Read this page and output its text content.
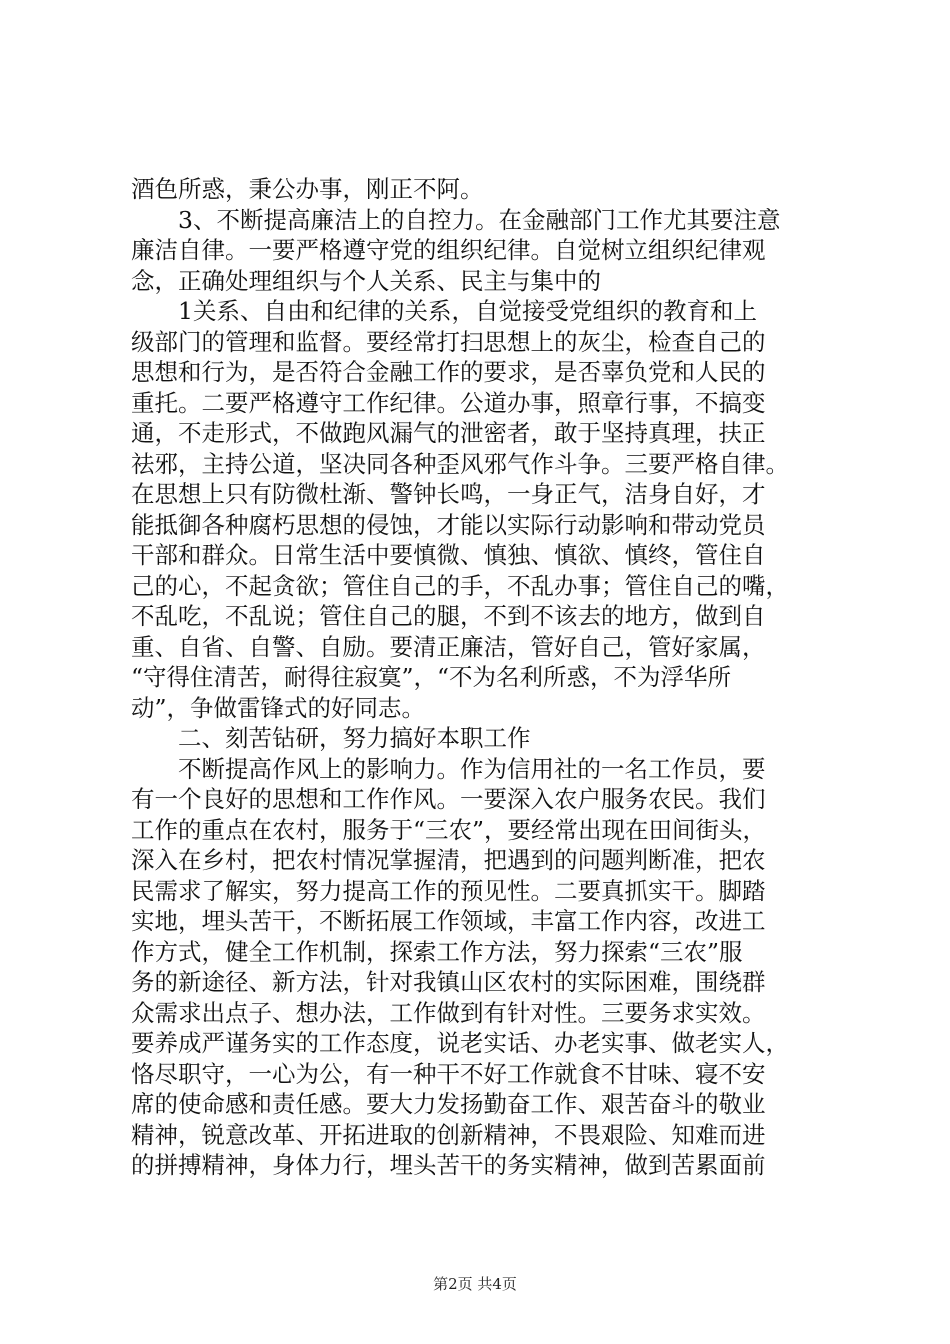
酒色所惑，秉公办事，刚正不阿。
3、不断提高廉洁上的自控力。在金融部门工作尤其要注意
廉洁自律。一要严格遵守党的组织纪律。自觉树立组织纪律观
念，正确处理组织与个人关系、民主与集中的
1关系、自由和纪律的关系，自觉接受党组织的教育和上
级部门的管理和监督。要经常打扫思想上的灰尘，检查自己的
思想和行为，是否符合金融工作的要求，是否辜负党和人民的
重托。二要严格遵守工作纪律。公道办事，照章行事，不搞变
通，不走形式，不做跑风漏气的泄密者，敢于坚持真理，扶正
祛邪，主持公道，坚决同各种歪风邪气作斗争。三要严格自律。
在思想上只有防微杜渐、警钟长鸣，一身正气，洁身自好，才
能抵御各种腐朽思想的侵蚀，才能以实际行动影响和带动党员
干部和群众。日常生活中要慎微、慎独、慎欲、慎终，管住自
己的心，不起贪欲；管住自己的手，不乱办事；管住自己的嘴，
不乱吃，不乱说；管住自己的腿，不到不该去的地方，做到自
重、自省、自警、自励。要清正廉洁，管好自己，管好家属，
“守得住清苦，耐得往寂寞”，“不为名利所惑，不为浮华所
动”，争做雷锋式的好同志。
二、刻苦钻研，努力搞好本职工作
不断提高作风上的影响力。作为信用社的一名工作员，要
有一个良好的思想和工作作风。一要深入农户服务农民。我们
工作的重点在农村，服务于“三农”，要经常出现在田间街头，
深入在乡村，把农村情况掌握清，把遇到的问题判断准，把农
民需求了解实，努力提高工作的预见性。二要真抓实干。脚踏
实地，埋头苦干，不断拓展工作领域，丰富工作内容，改进工
作方式，健全工作机制，探索工作方法，努力探索“三农”服
务的新途径、新方法，针对我镇山区农村的实际困难，围绕群
众需求出点子、想办法，工作做到有针对性。三要务求实效。
要养成严谨务实的工作态度，说老实话、办老实事、做老实人，
恪尽职守，一心为公，有一种干不好工作就食不甘味、寝不安
席的使命感和责任感。要大力发扬勤奋工作、艰苦奋斗的敬业
精神，锐意改革、开拓进取的创新精神，不畏艰险、知难而进
的拼搏精神，身体力行，埋头苦干的务实精神，做到苦累面前
第2页 共4页
